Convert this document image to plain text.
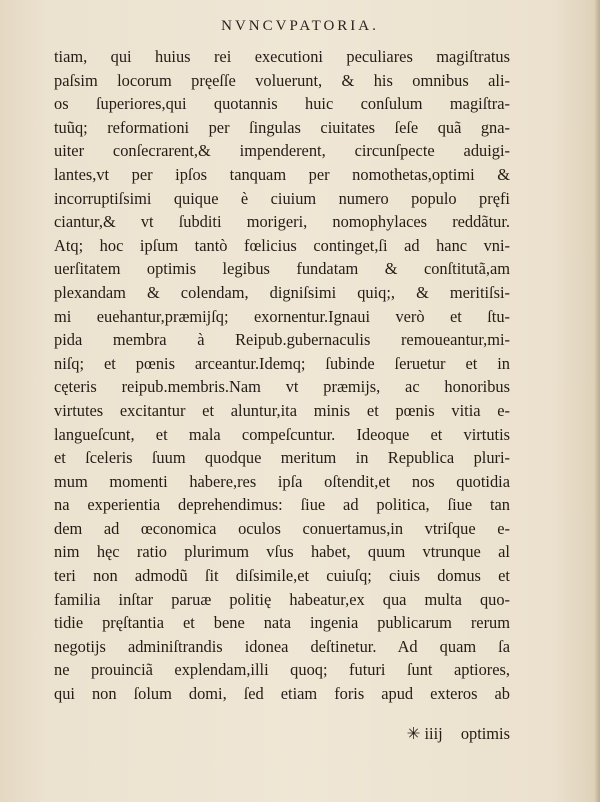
NVNCVPATORIA.
tiam, qui huius rei executioni peculiares magiſtratus
paſsim locorum pręeſſe voluerunt, & his omnibus ali-
os ſuperiores,qui quotannis huic conſulum magiſtra-
tuũq; reformationi per ſingulas ciuitates ſeſe quã gna-
uiter conſecrarent,& impenderent, circunſpecte aduigi-
lantes,vt per ipſos tanquam per nomothetas,optimi &
incorruptiſsimi quique è ciuium numero populo pręfi
ciantur,& vt ſubditi morigeri, nomophylaces reddãtur.
Atq; hoc ipſum tantò fœlicius continget,ſi ad hanc vni-
uerſitatem optimis legibus fundatam & conſtitutã,am
plexandam & colendam, digniſsimi quiq;, & meritiſsi-
mi euehantur,præmijſq; exornentur.Ignaui verò et ſtu-
pida membra à Reipub.gubernaculis remoueantur,mi-
niſq; et pœnis arceantur.Idemq; ſubinde ſeruetur et in
cęteris reipub.membris.Nam vt præmijs, ac honoribus
virtutes excitantur et aluntur,ita minis et pœnis vitia e-
langueſcunt, et mala compeſcuntur. Ideoque et virtutis
et ſceleris ſuum quodque meritum in Republica pluri-
mum momenti habere,res ipſa oſtendit,et nos quotidia
na experientia deprehendimus: ſiue ad politica, ſiue tan
dem ad œconomica oculos conuertamus,in vtriſque e-
nim hęc ratio plurimum vſus habet, quum vtrunque al
teri non admodũ ſit diſsimile,et cuiuſq; ciuis domus et
familia inſtar paruæ politię habeatur,ex qua multa quo-
tidie pręſtantia et bene nata ingenia publicarum rerum
negotijs adminiſtrandis idonea deſtinetur. Ad quam ſa
ne prouinciã explendam,illi quoq; futuri ſunt aptiores,
qui non ſolum domi, ſed etiam foris apud exteros ab
✳ iiij optimis
